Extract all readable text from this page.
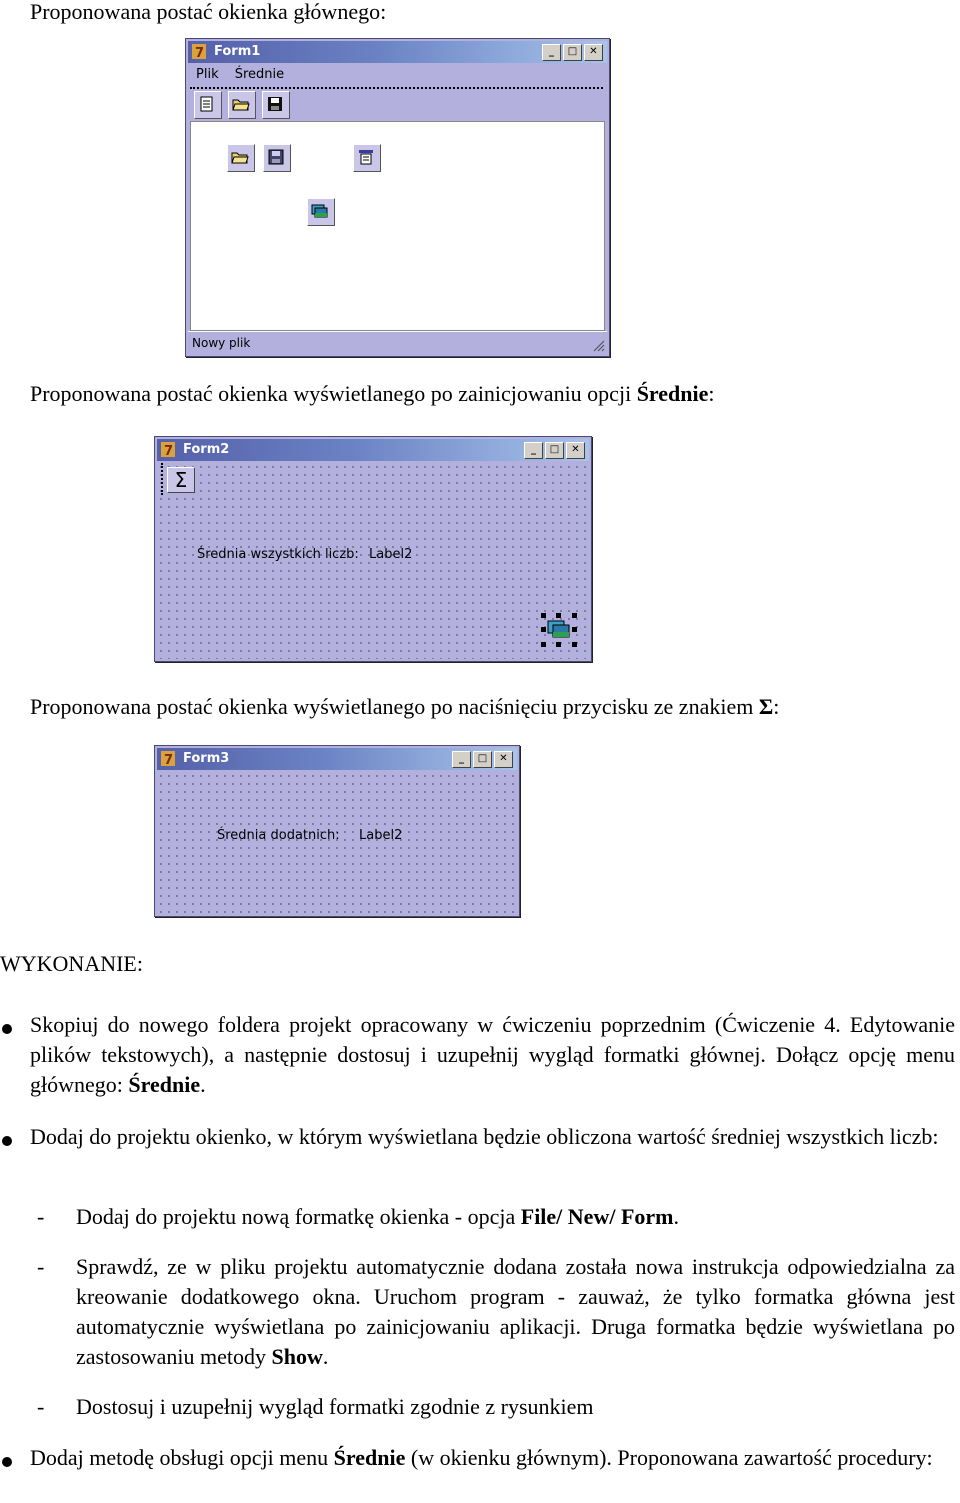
Proponowana postać okienka głównego:

7 Form1	_	□	✕
Plik Średnie
Nowy plik

Proponowana postać okienka wyświetlanego po zainicjowaniu opcji Średnie:

7 Form2	_	□	✕
Σ
Średnia wszystkich liczb: Label2

Proponowana postać okienka wyświetlanego po naciśnięciu przycisku ze znakiem Σ:

7 Form3	_	□	✕
Średnia dodatnich: Label2

WYKONANIE:

Skopiuj do nowego foldera projekt opracowany w ćwiczeniu poprzednim (Ćwiczenie 4. Edytowanie plików tekstowych), a następnie dostosuj i uzupełnij wygląd formatki głównej. Dołącz opcję menu głównego: Średnie.

Dodaj do projektu okienko, w którym wyświetlana będzie obliczona wartość średniej wszystkich liczb:

- Dodaj do projektu nową formatkę okienka - opcja File/ New/ Form.

- Sprawdź, ze w pliku projektu automatycznie dodana została nowa instrukcja odpowiedzialna za kreowanie dodatkowego okna. Uruchom program - zauważ, że tylko formatka główna jest automatycznie wyświetlana po zainicjowaniu aplikacji. Druga formatka będzie wyświetlana po zastosowaniu metody Show.

- Dostosuj i uzupełnij wygląd formatki zgodnie z rysunkiem

Dodaj metodę obsługi opcji menu Średnie (w okienku głównym). Proponowana zawartość procedury:
